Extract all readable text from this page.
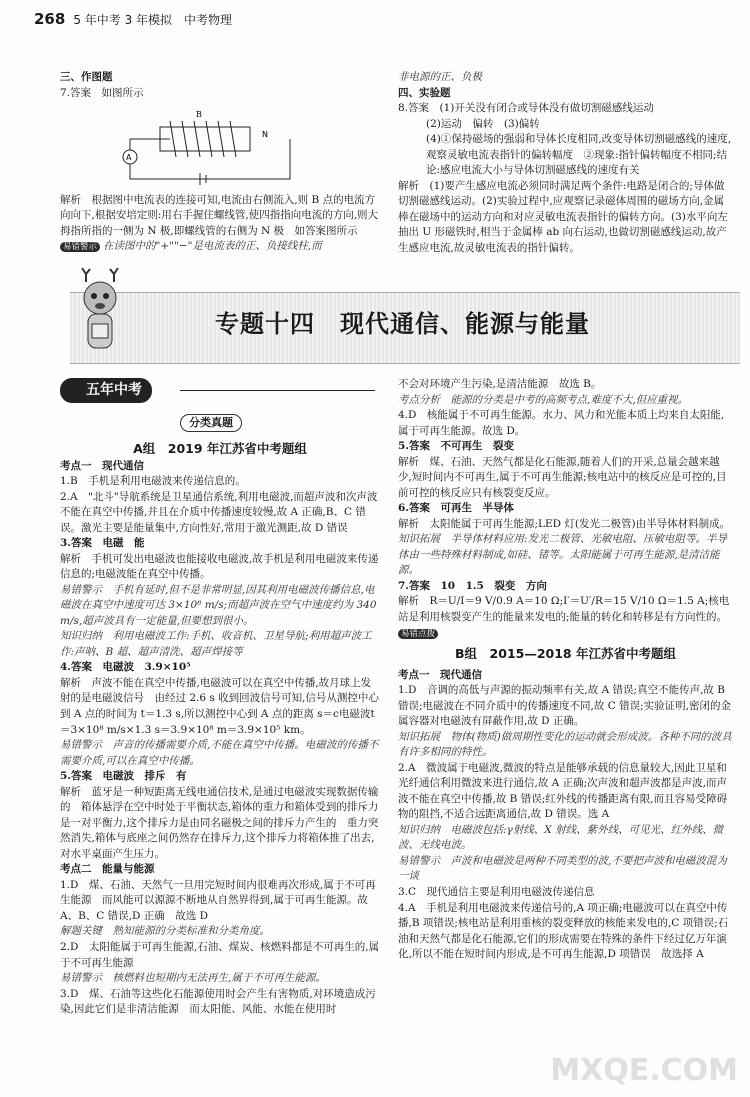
268 5 年中考 3 年模拟　中考物理
三、作图题
7.答案　如图所示
A
N
B
解析　根据图中电流表的连接可知,电流由右侧流入,则 B 点的电流方向向下,根据安培定则:用右手握住螺线管,使四指指向电流的方向,则大拇指所指的一侧为 N 极,即螺线管的右侧为 N 极　如答案图所示
易错警示 在读图中的"+""−"是电流表的正、负接线柱,而
非电源的正、负极
四、实验题
8.答案　(1)开关没有闭合或导体没有做切割磁感线运动
(2)运动　偏转　(3)偏转
(4)①保持磁场的强弱和导体长度相同,改变导体切割磁感线的速度,观察灵敏电流表指针的偏转幅度　②现象:指针偏转幅度不相同;结论:感应电流大小与导体切割磁感线的速度有关
解析　(1)要产生感应电流必须同时满足两个条件:电路是闭合的;导体做切割磁感线运动。(2)实验过程中,应观察记录磁体周围的磁场方向,金属棒在磁场中的运动方向和对应灵敏电流表指针的偏转方向。(3)水平向左抽出 U 形磁铁时,相当于金属棒 ab 向右运动,也做切割磁感线运动,故产生感应电流,故灵敏电流表的指针偏转。
专题十四　现代通信、能源与能量
五年中考
分类真题
A组　2019 年江苏省中考题组
考点一　现代通信
1.B　手机是利用电磁波来传递信息的。
2.A　"北斗"导航系统是卫星通信系统,利用电磁波,而超声波和次声波不能在真空中传播,并且在介质中传播速度较慢,故 A 正确,B、C 错误。激光主要是能量集中,方向性好,常用于激光测距,故 D 错误
3.答案　电磁　能
解析　手机可发出电磁波也能接收电磁波,故手机是利用电磁波来传递信息的;电磁波能在真空中传播。
易错警示　手机有延时,但不是非常明显,因其利用电磁波传播信息,电磁波在真空中速度可达 3×10⁸ m/s;而超声波在空气中速度约为 340 m/s,超声波具有一定能量,但要想到很小。
知识归纳　利用电磁波工作:手机、收音机、卫星导航;利用超声波工作:声呐、B 超、超声清洗、超声焊接等
4.答案　电磁波　3.9×10⁵
解析　声波不能在真空中传播,电磁波可以在真空中传播,故月球上发射的是电磁波信号　由经过 2.6 s 收到回波信号可知,信号从测控中心到 A 点的时间为 t＝1.3 s,所以测控中心到 A 点的距离 s＝c电磁波t＝3×10⁸ m/s×1.3 s＝3.9×10⁸ m＝3.9×10⁵ km。
易错警示　声音的传播需要介质,不能在真空中传播。电磁波的传播不需要介质,可以在真空中传播。
5.答案　电磁波　排斥　有
解析　蓝牙是一种短距离无线电通信技术,是通过电磁波实现数据传输的　箱体悬浮在空中时处于平衡状态,箱体的重力和箱体受到的排斥力是一对平衡力,这个排斥力是由同名磁极之间的排斥力产生的　重力突然消失,箱体与底座之间仍然存在排斥力,这个排斥力将箱体推了出去,对水平桌面产生压力。
考点二　能量与能源
1.D　煤、石油、天然气一旦用完短时间内很难再次形成,属于不可再生能源　而风能可以源源不断地从自然界得到,属于可再生能源。故 A、B、C 错误,D 正确　故选 D
解题关键　熟知能源的分类标准和分类角度。
2.D　太阳能属于可再生能源,石油、煤炭、核燃料都是不可再生的,属于不可再生能源
易错警示　核燃料也短期内无法再生,属于不可再生能源。
3.D　煤、石油等这些化石能源使用时会产生有害物质,对环境造成污染,因此它们是非清洁能源　而太阳能、风能、水能在使用时
不会对环境产生污染,是清洁能源　故选 B。
考点分析　能源的分类是中考的高频考点,难度不大,但应重视。
4.D　核能属于不可再生能源。水力、风力和光能本质上均来自太阳能,属于可再生能源。故选 D。
5.答案　不可再生　裂变
解析　煤、石油、天然气都是化石能源,随着人们的开采,总量会越来越少,短时间内不可再生,属于不可再生能源;核电站中的核反应是可控的,目前可控的核反应只有核裂变反应。
6.答案　可再生　半导体
解析　太阳能属于可再生能源;LED 灯(发光二极管)由半导体材料制成。
知识拓展　半导体材料应用:发光二极管、光敏电阻、压敏电阻等。半导体由一些特殊材料制成,如硅、锗等。太阳能属于可再生能源,是清洁能源。
7.答案　10　1.5　裂变　方向
解析　R＝U/I＝9 V/0.9 A＝10 Ω;I′＝U′/R＝15 V/10 Ω＝1.5 A;核电站是利用核裂变产生的能量来发电的;能量的转化和转移是有方向性的。
易错点拨
B组　2015—2018 年江苏省中考题组
考点一　现代通信
1.D　音调的高低与声源的振动频率有关,故 A 错误;真空不能传声,故 B 错误;电磁波在不同介质中的传播速度不同,故 C 错误;实验证明,密闭的金属容器对电磁波有屏蔽作用,故 D 正确。
知识拓展　物体(物质)做周期性变化的运动就会形成波。各种不同的波具有许多相同的特性。
2.A　微波属于电磁波,微波的特点是能够承载的信息量较大,因此卫星和光纤通信利用微波来进行通信,故 A 正确;次声波和超声波都是声波,而声波不能在真空中传播,故 B 错误;红外线的传播距离有限,而且容易受障碍物的阻挡,不适合远距离通信,故 D 错误。选 A
知识归纳　电磁波包括:γ射线、X 射线、紫外线、可见光、红外线、微波、无线电波。
易错警示　声波和电磁波是两种不同类型的波,不要把声波和电磁波混为一谈
3.C　现代通信主要是利用电磁波传递信息
4.A　手机是利用电磁波来传递信号的,A 项正确;电磁波可以在真空中传播,B 项错误;核电站是利用重核的裂变释放的核能来发电的,C 项错误;石油和天然气都是化石能源,它们的形成需要在特殊的条件下经过亿万年演化,所以不能在短时间内形成,是不可再生能源,D 项错误　故选择 A
MXQE.COM
